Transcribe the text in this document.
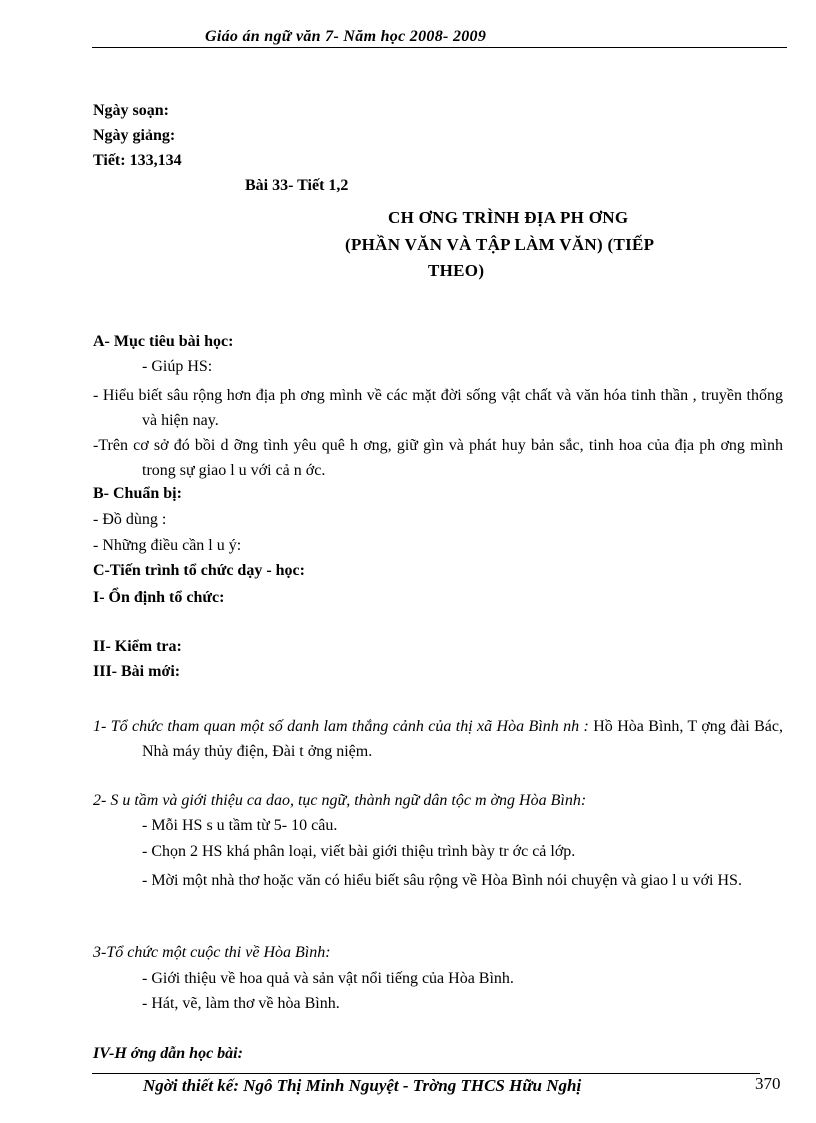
Giáo án ngữ văn 7- Năm học 2008- 2009
Ngày soạn:
Ngày giảng:
Tiết: 133,134
Bài 33- Tiết 1,2
CH ƠNG TRÌNH ĐỊA PH ƠNG
(PHẦN VĂN VÀ TẬP LÀM VĂN) (TIẾP
THEO)
A- Mục tiêu bài học:
- Giúp HS:
- Hiểu biết sâu rộng hơn địa ph ơng mình về các mặt đời sống vật chất và văn hóa tinh thần , truyền thống và hiện nay.
-Trên cơ sở đó bồi d ỡng tình yêu quê h ơng, giữ gìn và phát huy bản sắc, tinh hoa của địa ph ơng mình trong sự giao l u với cả n ớc.
B- Chuẩn bị:
- Đồ dùng :
- Những điều cần l u ý:
C-Tiến trình tổ chức dạy - học:
I- Ổn định tổ chức:
II- Kiểm tra:
III- Bài mới:
1- Tổ chức tham quan một số danh lam thắng cảnh của thị xã Hòa Bình nh : Hồ Hòa Bình, T ợng đài Bác, Nhà máy thủy điện, Đài t ởng niệm.
2- S u tầm và giới thiệu ca dao, tục ngữ, thành ngữ dân tộc m ờng Hòa Bình:
- Mỗi HS s u tầm từ 5- 10 câu.
- Chọn 2 HS khá phân loại, viết bài giới thiệu trình bày tr ớc cả lớp.
- Mời một nhà thơ hoặc văn có hiểu biết sâu rộng về Hòa Bình nói chuyện và giao l u với HS.
3-Tổ chức một cuộc thi về Hòa Bình:
- Giới thiệu về hoa quả và sản vật nổi tiếng của Hòa Bình.
- Hát, vẽ, làm thơ về hòa Bình.
IV-H ớng dẫn học bài:
Ngời thiết kế: Ngô Thị Minh Nguyệt - Trờng THCS Hữu Nghị	370
